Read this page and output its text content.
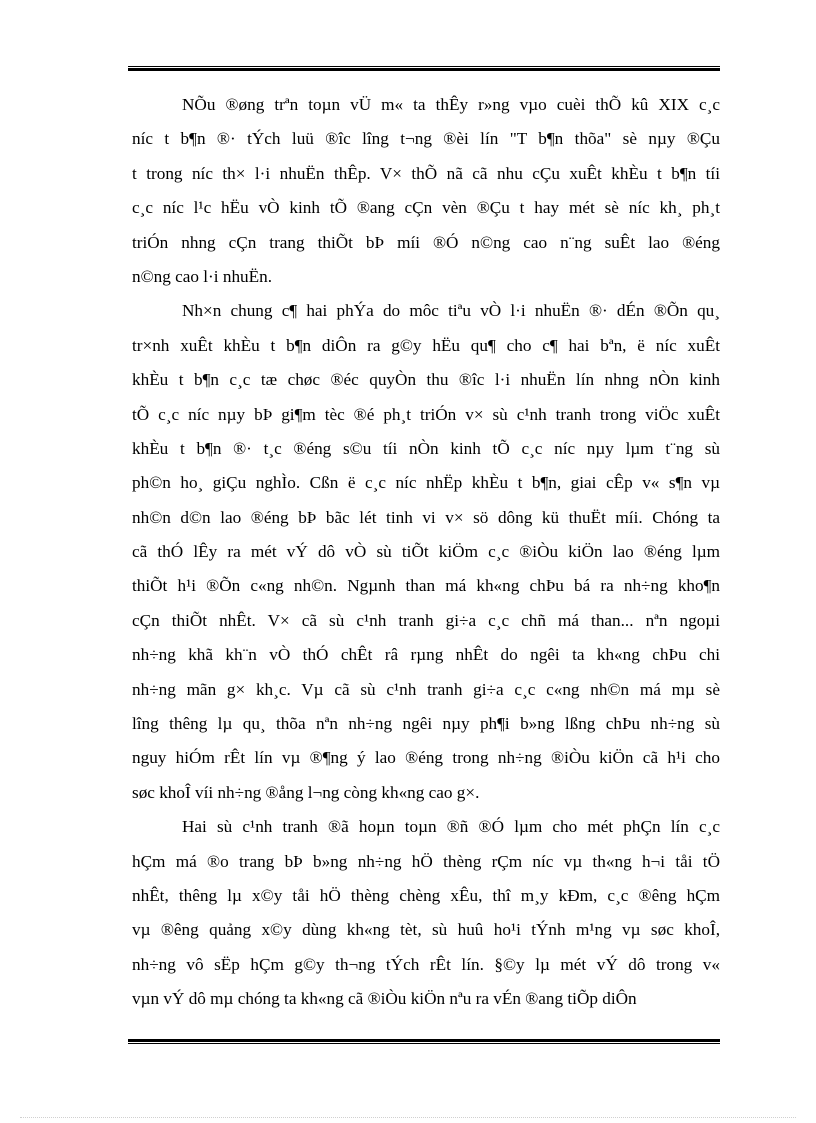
NÕu ®øng trªn toµn vÜ m« ta thÊy r»ng vµo cuèi thÕ kû XIX c¸c
níc t b¶n ®· tÝch luü ®îc lîng t¬ng ®èi lín "T b¶n thõa" sè nµy ®Çu
t trong níc th× l·i nhuËn thÊp. V× thÕ nã cã nhu cÇu xuÊt khÈu t b¶n tíi
c¸c níc l¹c hËu vÒ kinh tÕ ®ang cÇn vèn ®Çu t hay mét sè níc kh¸ ph¸t
triÓn nhng cÇn trang thiÕt bÞ míi ®Ó n©ng cao n¨ng suÊt lao ®éng
n©ng cao l·i nhuËn.

Nh×n chung c¶ hai phÝa do môc tiªu vÒ l·i nhuËn ®· dÉn ®Õn qu¸
tr×nh xuÊt khÈu t b¶n diÔn ra g©y hËu qu¶ cho c¶ hai bªn, ë níc xuÊt
khÈu t b¶n c¸c tæ chøc ®éc quyÒn thu ®îc l·i nhuËn lín nhng nÒn kinh
tÕ c¸c níc nµy bÞ gi¶m tèc ®é ph¸t triÓn v× sù c¹nh tranh trong viÖc xuÊt
khÈu t b¶n ®· t¸c ®éng s©u tíi nÒn kinh tÕ c¸c níc nµy lµm t¨ng sù
ph©n ho¸ giÇu nghÌo. Cßn ë c¸c níc nhËp khÈu t b¶n, giai cÊp v« s¶n vµ
nh©n d©n lao ®éng bÞ bãc lét tinh vi v× sö dông kü thuËt míi. Chóng ta
cã thÓ lÊy ra mét vÝ dô vÒ sù tiÕt kiÖm c¸c ®iÒu kiÖn lao ®éng lµm
thiÕt h¹i ®Õn c«ng nh©n. Ngµnh than má kh«ng chÞu bá ra nh÷ng kho¶n
cÇn thiÕt nhÊt. V× cã sù c¹nh tranh gi÷a c¸c chñ má than... nªn ngoµi
nh÷ng khã kh¨n vÒ thÓ chÊt râ rµng nhÊt do ngêi ta kh«ng chÞu chi
nh÷ng mãn g× kh¸c. Vµ cã sù c¹nh tranh gi÷a c¸c c«ng nh©n má mµ sè
lîng thêng lµ qu¸ thõa nªn nh÷ng ngêi nµy ph¶i b»ng lßng chÞu nh÷ng sù
nguy hiÓm rÊt lín vµ ®¶ng ý lao ®éng trong nh÷ng ®iÒu kiÖn cã h¹i cho
søc khoÎ víi nh÷ng ®ång l¬ng còng kh«ng cao g×.

Hai sù c¹nh tranh ®ã hoµn toµn ®ñ ®Ó lµm cho mét phÇn lín c¸c
hÇm má ®o trang bÞ b»ng nh÷ng hÖ thèng rÇm níc vµ th«ng h¬i tåi tÖ
nhÊt, thêng lµ x©y tåi hÖ thèng chèng xÊu, thî m¸y kÐm, c¸c ®êng hÇm
vµ ®êng quảng x©y dùng kh«ng tèt, sù huû ho¹i tÝnh m¹ng vµ søc khoÎ,
nh÷ng vô sËp hÇm g©y th¬ng tÝch rÊt lín. §©y lµ mét vÝ dô trong v«
vµn vÝ dô mµ chóng ta kh«ng cã ®iÒu kiÖn nªu ra vÉn ®ang tiÕp diÔn
